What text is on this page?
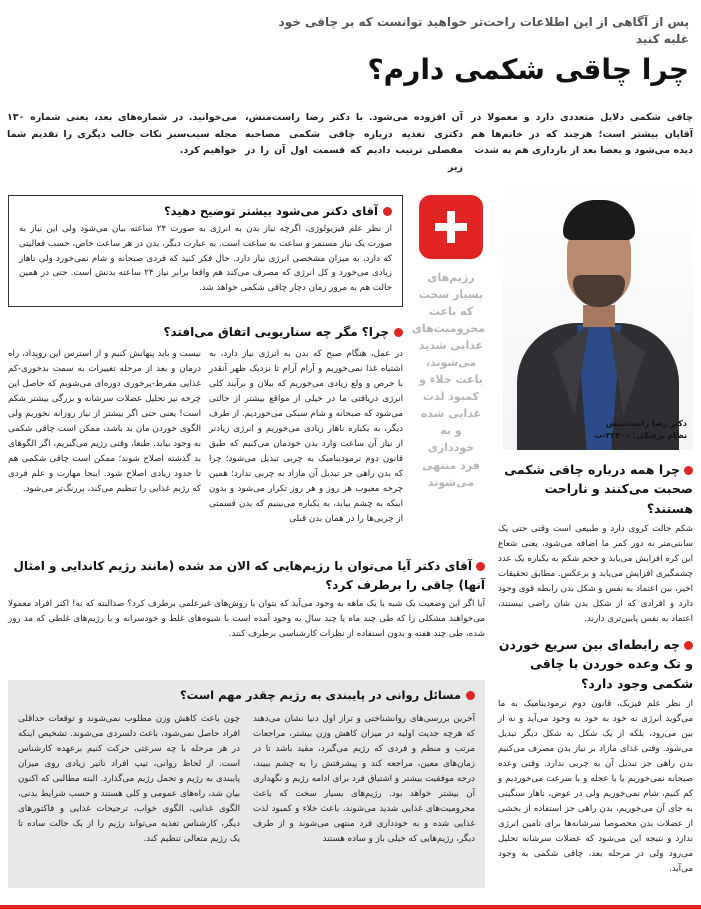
پس از آگاهی از این اطلاعات راحت‌تر خواهید توانست که بر چاقی خود غلبه کنید
چرا چاقی شکمی دارم؟
چاقی شکمی دلایل متعددی دارد و معمولا در آقایان بیشتر است؛ هرچند که در خانم‌ها هم دیده می‌شود و بعضا بعد از بارداری هم به شدت
آن افزوده می‌شود. با دکتر رضا راست‌منش، دکتری تغذیه درباره چاقی شکمی مصاحبه مفصلی ترتیب دادیم که قسمت اول آن را در زیر
می‌خوانید. در شماره‌های بعد، یعنی شماره ۱۳۰ مجله سیب‌سبز نکات جالب دیگری را تقدیم شما خواهیم کرد.
دکتر رضا راست‌منش
نظام پزشکی: ۳۲۳۰۰-ت
چرا همه درباره چاقی شکمی صحبت می‌کنند و ناراحت هستند؟
شکم حالت کروی دارد و طبیعی است وقتی حتی یک سانتی‌متر به دور کمر ما اضافه می‌شود، یعنی شعاع این کره افزایش می‌یابد و حجم شکم به یکباره یک عدد چشمگیری افزایش می‌یابد و برعکس. مطابق تحقیقات اخیر، بین اعتماد به نفس و شکل بدن رابطه قوی وجود دارد و افرادی که از شکل بدن شان راضی نیستند، اعتماد به نفس پایین‌تری دارند.
چه رابطه‌ای بین سریع خوردن و تک وعده خوردن با چاقی شکمی وجود دارد؟
از نظر علم فیزیک، قانون دوم ترمودینامیک به ما می‌گوید انرژی نه خود به خود به وجود می‌آید و نه از بین می‌رود، بلکه از یک شکل به شکل دیگر تبدیل می‌شود. وقتی غذای مازاد بر نیاز بدن مصرف می‌کنیم بدن راهی جز تبدیل آن به چربی ندارد. وقتی وعده صبحانه نمی‌خوریم یا با عجله و با سرعت می‌خوردیم و کم کنیم، شام نمی‌خوریم ولی در عوض، ناهار سنگینی به جای آن می‌خوریم، بدن راهی جز استفاده از بخشی از عضلات بدن مخصوصا سرشانه‌ها برای تامین انرژی ندارد و نتیجه این می‌شود که عضلات سرشانه تحلیل می‌رود ولی در مرحله بعد، چاقی شکمی به وجود می‌آید.
رژیم‌های بسیار سخت که باعث محرومیت‌های غذایی شدید می‌شوند، باعث خلاء و کمبود لذت غذایی شده و به خودداری فرد منتهی می‌شوند
آقای دکتر می‌شود بیشتر توضیح دهید؟
از نظر علم فیزیولوژی، اگرچه نیاز بدن به انرژی به صورت ۲۴ ساعته بیان می‌شود ولی این نیاز به صورت یک نیاز مستمر و ساعت به ساعت است. به عبارت دیگر، بدن در هر ساعت خاص، حسب فعالیتی که دارد، به میزان مشخصی انرژی نیاز دارد. حال فکر کنید که فردی صبحانه و شام نمی‌خورد ولی ناهار زیادی می‌خورد و کل انرژی که مصرف می‌کند هم واقعا برابر نیاز ۲۴ ساعته بدنش است. حتی در همین حالت هم به مرور زمان دچار چاقی شکمی خواهد شد.
چرا؟ مگر چه سناریویی اتفاق می‌افتد؟
در عمل، هنگام صبح که بدن به انرژی نیاز دارد، به اشتباه غذا نمی‌خوریم و آرام آرام تا نزدیک ظهر آنقدر با حرص و ولع زیادی می‌خوریم که بیلان و برآیند کلی انرژی دریافتی ما در خیلی از مواقع بیشتر از حالتی می‌شود که صبحانه و شام سبکی می‌خوردیم. از طرف دیگر، به یکباره ناهار زیادی می‌خوریم و انرژی زیادتر از نیاز آن ساعت وارد بدن خودمان می‌کنیم که طبق قانون دوم ترمودینامیک به چربی تبدیل می‌شود؛ چرا که بدن راهی جز تبدیل آن مازاد به چربی ندارد؛ همین چرخه معیوب هر روز و هر روز تکرار می‌شود و بدون اینکه به چشم بیاید، به یکباره می‌بینیم که بدن قسمتی از چربی‌ها را در همان بدن قبلی
نیست و باید پنهانش کنیم و از استرس این رویداد، راه درمان و بعد از مرحله تغییرات به سمت بدخوری-کم غذایی مفرط-پرخوری دوره‌ای می‌شویم که حاصل این چرخه نیز تحلیل عضلات سرشانه و بزرگی بیشتر شکم است! یعنی حتی اگر بیشتر از نیاز روزانه نخوریم ولی الگوی خوردن مان بد باشد، ممکن است چاقی شکمی به وجود بیاید. طبعا، وقتی رژیم می‌گیریم، اگر الگوهای بد گذشته اصلاح شوند؛ ممکن است چاقی شکمی هم تا حدود زیادی اصلاح شود. اینجا مهارت و علم فردی که رژیم غذایی را تنظیم می‌کند، پررنگ‌تر می‌شود.
آقای دکتر آیا می‌توان با رژیم‌هایی که الان مد شده (مانند رژیم کاندایی و امثال آنها) چاقی را برطرف کرد؟
آیا اگر این وضعیت یک شبه یا یک ماهه به وجود می‌آید که بتوان با روش‌های غیرعلمی برطرف کرد؟ صدالبته که نه! اکثر افراد معمولا می‌خواهند مشکلی را که طی چند ماه یا چند سال به وجود آمده است با شیوه‌های غلط و خودسرانه و با رژیم‌های غلطی که مد روز شده، طی چند هفته و بدون استفاده از نظرات کارشناسی برطرف کنند.
مسائل روانی در پایبندی به رژیم چقدر مهم است؟
آخرین بررسی‌های روانشناختی و تراز اول دنیا نشان می‌دهند که هرچه جدیت اولیه در میزان کاهش وزن بیشتر، مراجعات مرتب و منظم و فردی که رژیم می‌گیرد، مقید باشد تا در زمان‌های معین، مراجعه کند و پیشرفتش را به چشم ببیند، درجه موفقیت بیشتر و اشتیاق فرد برای ادامه رژیم و نگهداری آن بیشتر خواهد بود. رژیم‌های بسیار سخت که باعث محرومیت‌های غذایی شدید می‌شوند، باعث خلاء و کمبود لذت غذایی شده و به خودداری فرد منتهی می‌شوند و از طرف دیگر، رژیم‌هایی که خیلی باز و ساده هستند
چون باعث کاهش وزن مطلوب نمی‌شوند و توقعات حداقلی افراد حاصل نمی‌شود، باعث دلسردی می‌شوند. تشخیص اینکه در هر مرحله با چه سرعتی حرکت کنیم برعهده کارشناس است. از لحاظ روانی، تیپ افراد تاثیر زیادی روی میزان پایبندی به رژیم و تحمل رژیم می‌گذارد. البته مطالبی که اکنون بیان شد، راه‌های عمومی و کلی هستند و حسب شرایط بدنی، الگوی غذایی، الگوی خواب، ترجیحات غذایی و فاکتورهای دیگر، کارشناس تغذیه می‌تواند رژیم را از یک حالت ساده تا یک رژیم متعالی تنظیم کند.
